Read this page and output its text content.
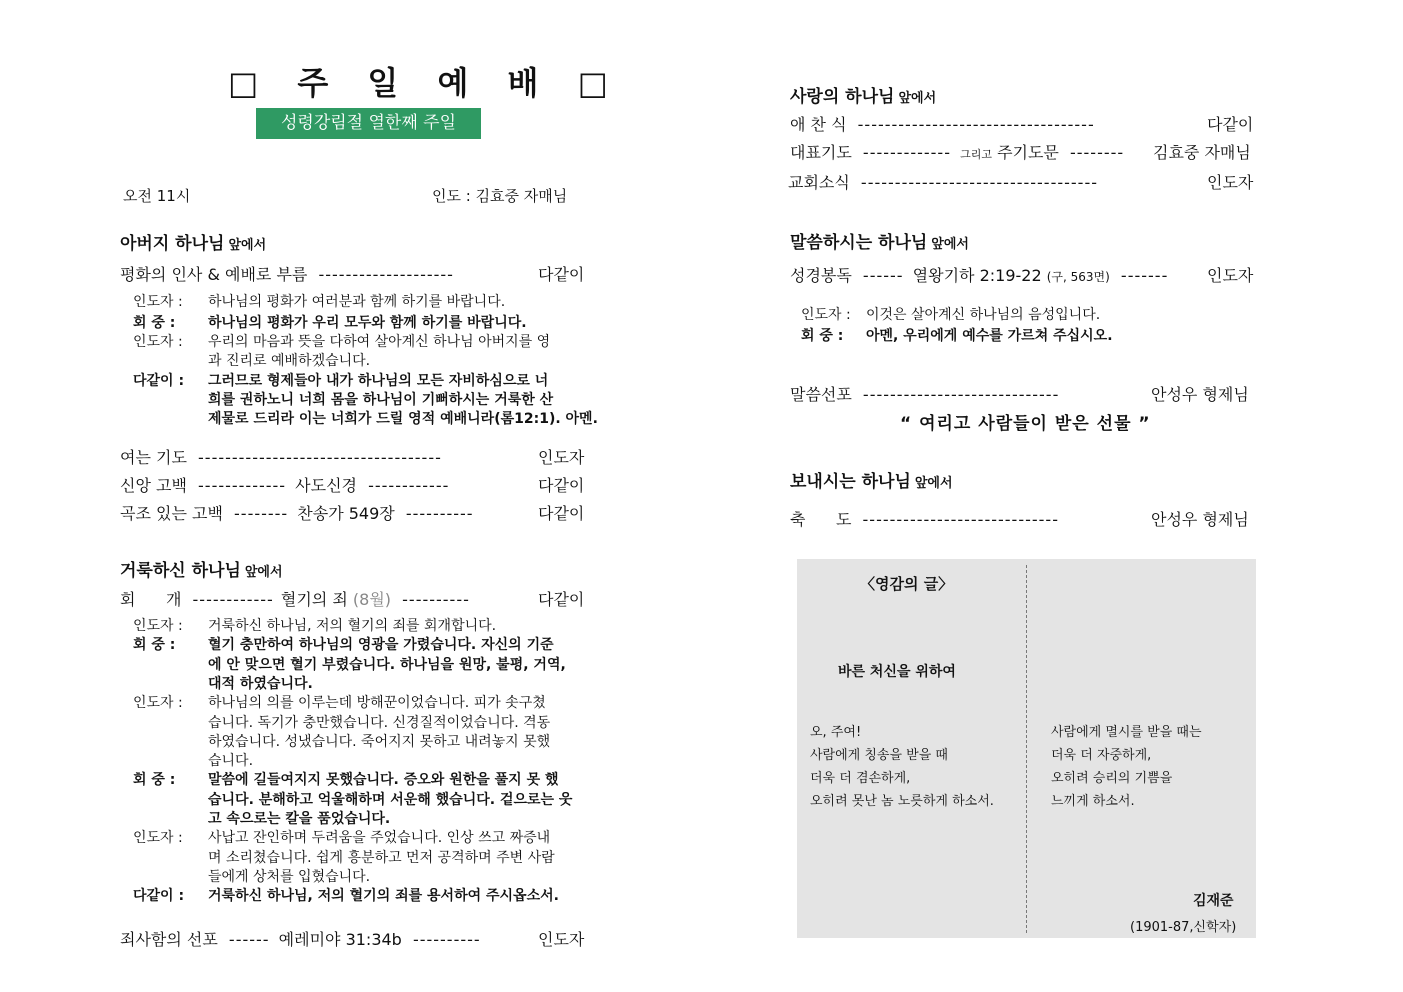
□ 주 일 예 배 □
성령강림절 열한째 주일
오전 11시	인도 : 김효중 자매님
아버지 하나님 앞에서
평화의 인사 & 예배로 부름 --------------------	다같이
인도자 :	하나님의 평화가 여러분과 함께 하기를 바랍니다.
회 중 :	하나님의 평화가 우리 모두와 함께 하기를 바랍니다.
인도자 :	우리의 마음과 뜻을 다하여 살아계신 하나님 아버지를 영
과 진리로 예배하겠습니다.
다같이 :	그러므로 형제들아 내가 하나님의 모든 자비하심으로 너
희를 권하노니 너희 몸을 하나님이 기뻐하시는 거룩한 산
제물로 드리라 이는 너희가 드릴 영적 예배니라(롬12:1). 아멘.
여는 기도 ------------------------------------	인도자
신앙 고백 ------------- 사도신경 ------------	다같이
곡조 있는 고백 -------- 찬송가 549장 ----------	다같이
거룩하신 하나님 앞에서
회      개 ------------ 혈기의 죄 (8월) ----------	다같이
인도자 :	거룩하신 하나님, 저의 혈기의 죄를 회개합니다.
회 중 :	혈기 충만하여 하나님의 영광을 가렸습니다. 자신의 기준
에 안 맞으면 혈기 부렸습니다. 하나님을 원망, 불평, 거역,
대적 하였습니다.
인도자 :	하나님의 의를 이루는데 방해꾼이었습니다. 피가 솟구쳤
습니다. 독기가 충만했습니다. 신경질적이었습니다. 격동
하였습니다. 성냈습니다. 죽어지지 못하고 내려놓지 못했
습니다.
회 중 :	말씀에 길들여지지 못했습니다. 증오와 원한을 풀지 못 했
습니다. 분해하고 억울해하며 서운해 했습니다. 겉으로는 웃
고 속으로는 칼을 품었습니다.
인도자 :	사납고 잔인하며 두려움을 주었습니다. 인상 쓰고 짜증내
며 소리쳤습니다. 쉽게 흥분하고 먼저 공격하며 주변 사람
들에게 상처를 입혔습니다.
다같이 :	거룩하신 하나님, 저의 혈기의 죄를 용서하여 주시옵소서.
죄사함의 선포 ------ 예레미야 31:34b ----------	인도자
사랑의 하나님 앞에서
애 찬 식 -----------------------------------	다같이
대표기도 ------------- 그리고 주기도문 -------- 김효중 자매님
교회소식 -----------------------------------	인도자
말씀하시는 하나님 앞에서
성경봉독 ------ 열왕기하 2:19-22 (구, 563면) ------- 인도자
인도자 :	이것은 살아계신 하나님의 음성입니다.
회 중 :	아멘, 우리에게 예수를 가르쳐 주십시오.
말씀선포 -----------------------------	안성우 형제님
“ 여리고 사람들이 받은 선물 ”
보내시는 하나님 앞에서
축      도 -----------------------------	안성우 형제님
〈영감의 글〉
바른 처신을 위하여
오, 주여!
사람에게 칭송을 받을 때
더욱 더 겸손하게,
오히려 못난 놈 노릇하게 하소서.
사람에게 멸시를 받을 때는
더욱 더 자중하게,
오히려 승리의 기쁨을
느끼게 하소서.
김재준
(1901-87,신학자)
